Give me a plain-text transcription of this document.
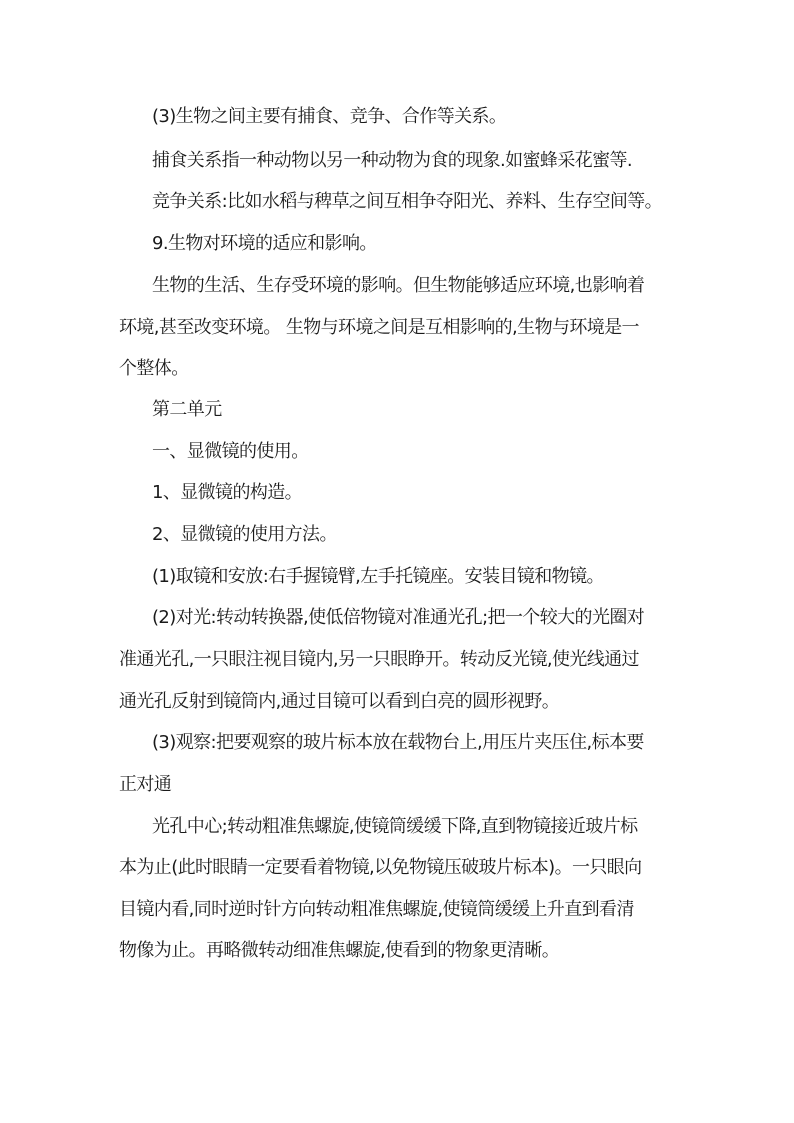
(3)生物之间主要有捕食、竞争、合作等关系。
捕食关系指一种动物以另一种动物为食的现象.如蜜蜂采花蜜等.
竞争关系:比如水稻与稗草之间互相争夺阳光、养料、生存空间等。
9.生物对环境的适应和影响。
生物的生活、生存受环境的影响。但生物能够适应环境,也影响着
环境,甚至改变环境。 生物与环境之间是互相影响的,生物与环境是一
个整体。
第二单元
一、显微镜的使用。
1、显微镜的构造。
2、显微镜的使用方法。
(1)取镜和安放:右手握镜臂,左手托镜座。安装目镜和物镜。
(2)对光:转动转换器,使低倍物镜对准通光孔;把一个较大的光圈对
准通光孔,一只眼注视目镜内,另一只眼睁开。转动反光镜,使光线通过
通光孔反射到镜筒内,通过目镜可以看到白亮的圆形视野。
(3)观察:把要观察的玻片标本放在载物台上,用压片夹压住,标本要
正对通
光孔中心;转动粗准焦螺旋,使镜筒缓缓下降,直到物镜接近玻片标
本为止(此时眼睛一定要看着物镜,以免物镜压破玻片标本)。一只眼向
目镜内看,同时逆时针方向转动粗准焦螺旋,使镜筒缓缓上升直到看清
物像为止。再略微转动细准焦螺旋,使看到的物象更清晰。
